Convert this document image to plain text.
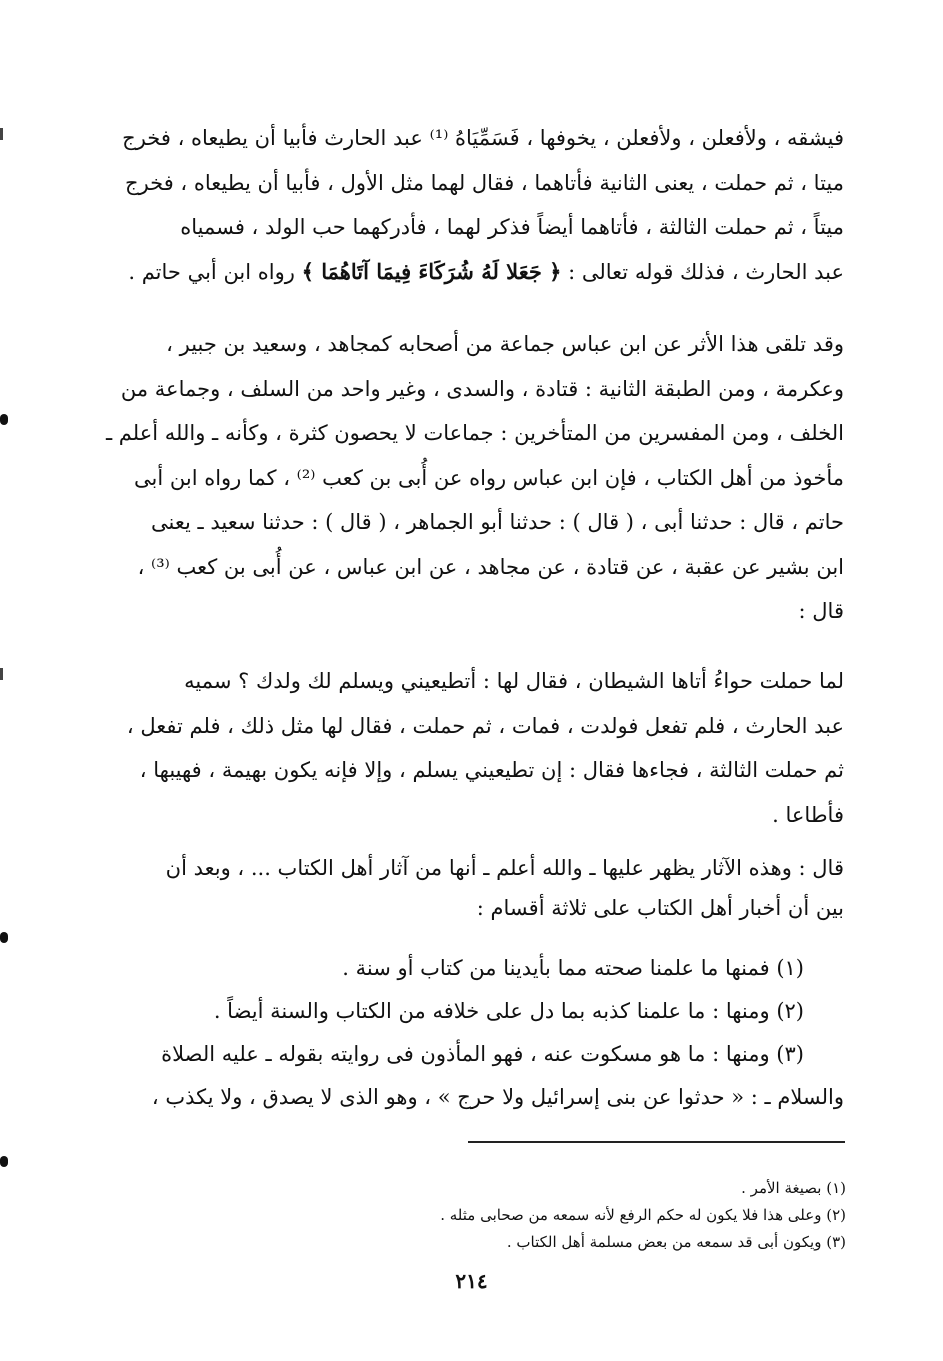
فيشقه ، ولأفعلن ، ولأفعلن ، يخوفها ، فَسَمِّيَاهُ ⁽¹⁾ عبد الحارث فأبيا أن يطيعاه ، فخرج

ميتا ، ثم حملت ، يعنى الثانية فأتاهما ، فقال لهما مثل الأول ، فأبيا أن يطيعاه ، فخرج

ميتاً ، ثم حملت الثالثة ، فأتاهما أيضاً فذكر لهما ، فأدركهما حب الولد ، فسمياه

عبد الحارث ، فذلك قوله تعالى : ﴿ جَعَلا لَهُ شُرَكَاءَ فِيمَا آتَاهُمَا ﴾ رواه ابن أبي حاتم .

وقد تلقى هذا الأثر عن ابن عباس جماعة من أصحابه كمجاهد ، وسعيد بن جبير ،

وعكرمة ، ومن الطبقة الثانية : قتادة ، والسدى ، وغير واحد من السلف ، وجماعة من

الخلف ، ومن المفسرين من المتأخرين : جماعات لا يحصون كثرة ، وكأنه ـ والله أعلم ـ

مأخوذ من أهل الكتاب ، فإن ابن عباس رواه عن أُبى بن كعب ⁽²⁾ ، كما رواه ابن أبى

حاتم ، قال : حدثنا أبى ، ( قال ) : حدثنا أبو الجماهر ، ( قال ) : حدثنا سعيد ـ يعنى

ابن بشير عن عقبة ، عن قتادة ، عن مجاهد ، عن ابن عباس ، عن أُبى بن كعب ⁽³⁾ ،

قال :

لما حملت حواءُ أتاها الشيطان ، فقال لها : أتطيعيني ويسلم لك ولدك ؟ سميه

عبد الحارث ، فلم تفعل فولدت ، فمات ، ثم حملت ، فقال لها مثل ذلك ، فلم تفعل ،

ثم حملت الثالثة ، فجاءها فقال : إن تطيعيني يسلم ، وإلا فإنه يكون بهيمة ، فهيبها ،

فأطاعا .

قال : وهذه الآثار يظهر عليها ـ والله أعلم ـ أنها من آثار أهل الكتاب ... ، وبعد أن

بين أن أخبار أهل الكتاب على ثلاثة أقسام :

(١) فمنها ما علمنا صحته مما بأيدينا من كتاب أو سنة .
(٢) ومنها : ما علمنا كذبه بما دل على خلافه من الكتاب والسنة أيضاً .
(٣) ومنها : ما هو مسكوت عنه ، فهو المأذون فى روايته بقوله ـ عليه الصلاة
والسلام ـ : « حدثوا عن بنى إسرائيل ولا حرج » ، وهو الذى لا يصدق ، ولا يكذب ،
(١) بصيغة الأمر .
(٢) وعلى هذا فلا يكون له حكم الرفع لأنه سمعه من صحابى مثله .
(٣) ويكون أبى قد سمعه من بعض مسلمة أهل الكتاب .
٢١٤
